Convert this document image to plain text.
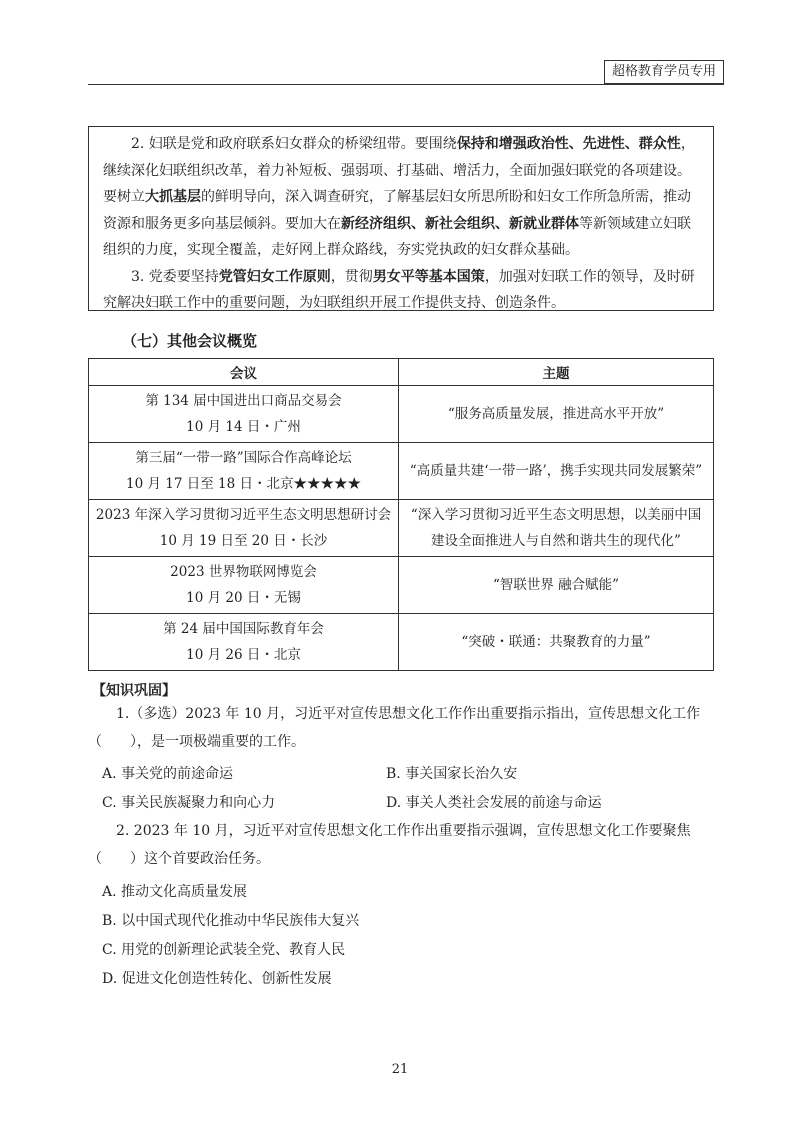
超格教育学员专用

2. 妇联是党和政府联系妇女群众的桥梁纽带。要围绕保持和增强政治性、先进性、群众性，继续深化妇联组织改革，着力补短板、强弱项、打基础、增活力，全面加强妇联党的各项建设。要树立大抓基层的鲜明导向，深入调查研究，了解基层妇女所思所盼和妇女工作所急所需，推动资源和服务更多向基层倾斜。要加大在新经济组织、新社会组织、新就业群体等新领域建立妇联组织的力度，实现全覆盖，走好网上群众路线，夯实党执政的妇女群众基础。

3. 党委要坚持党管妇女工作原则，贯彻男女平等基本国策，加强对妇联工作的领导，及时研究解决妇联工作中的重要问题，为妇联组织开展工作提供支持、创造条件。

（七）其他会议概览
会议	主题
第 134 届中国进出口商品交易会
10 月 14 日・广州	“服务高质量发展，推进高水平开放”
第三届“一带一路”国际合作高峰论坛
10 月 17 日至 18 日・北京★★★★★	“高质量共建‘一带一路’，携手实现共同发展繁荣”
2023 年深入学习贯彻习近平生态文明思想研讨会
10 月 19 日至 20 日・长沙	“深入学习贯彻习近平生态文明思想，以美丽中国建设全面推进人与自然和谐共生的现代化”
2023 世界物联网博览会
10 月 20 日・无锡	“智联世界 融合赋能”
第 24 届中国国际教育年会
10 月 26 日・北京	“突破・联通：共聚教育的力量”
【知识巩固】
1.（多选）2023 年 10 月，习近平对宣传思想文化工作作出重要指示指出，宣传思想文化工作（　　），是一项极端重要的工作。
A. 事关党的前途命运	B. 事关国家长治久安
C. 事关民族凝聚力和向心力	D. 事关人类社会发展的前途与命运
2. 2023 年 10 月，习近平对宣传思想文化工作作出重要指示强调，宣传思想文化工作要聚焦（　　）这个首要政治任务。
A. 推动文化高质量发展
B. 以中国式现代化推动中华民族伟大复兴
C. 用党的创新理论武装全党、教育人民
D. 促进文化创造性转化、创新性发展
21
